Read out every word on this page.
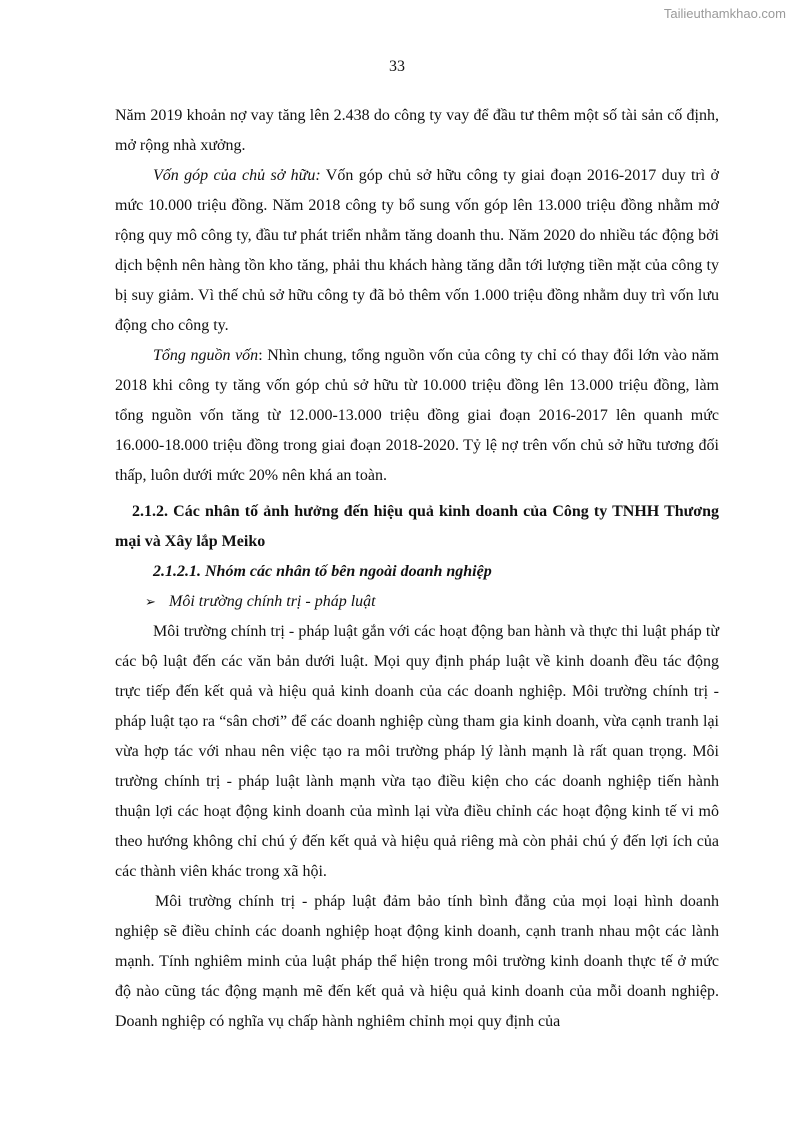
Tailieuthamkhao.com
33

Năm 2019 khoản nợ vay tăng lên 2.438 do công ty vay để đầu tư thêm một số tài sản cố định, mở rộng nhà xưởng.

Vốn góp của chủ sở hữu: Vốn góp chủ sở hữu công ty giai đoạn 2016-2017 duy trì ở mức 10.000 triệu đồng. Năm 2018 công ty bổ sung vốn góp lên 13.000 triệu đồng nhằm mở rộng quy mô công ty, đầu tư phát triển nhằm tăng doanh thu. Năm 2020 do nhiều tác động bởi dịch bệnh nên hàng tồn kho tăng, phải thu khách hàng tăng dẫn tới lượng tiền mặt của công ty bị suy giảm. Vì thế chủ sở hữu công ty đã bỏ thêm vốn 1.000 triệu đồng nhằm duy trì vốn lưu động cho công ty.

Tổng nguồn vốn: Nhìn chung, tổng nguồn vốn của công ty chỉ có thay đổi lớn vào năm 2018 khi công ty tăng vốn góp chủ sở hữu từ 10.000 triệu đồng lên 13.000 triệu đồng, làm tổng nguồn vốn tăng từ 12.000-13.000 triệu đồng giai đoạn 2016-2017 lên quanh mức 16.000-18.000 triệu đồng trong giai đoạn 2018-2020. Tỷ lệ nợ trên vốn chủ sở hữu tương đối thấp, luôn dưới mức 20% nên khá an toàn.

2.1.2. Các nhân tố ảnh hưởng đến hiệu quả kinh doanh của Công ty TNHH Thương mại và Xây lắp Meiko
2.1.2.1. Nhóm các nhân tố bên ngoài doanh nghiệp
➢ Môi trường chính trị - pháp luật

Môi trường chính trị - pháp luật gắn với các hoạt động ban hành và thực thi luật pháp từ các bộ luật đến các văn bản dưới luật. Mọi quy định pháp luật về kinh doanh đều tác động trực tiếp đến kết quả và hiệu quả kinh doanh của các doanh nghiệp. Môi trường chính trị - pháp luật tạo ra “sân chơi” để các doanh nghiệp cùng tham gia kinh doanh, vừa cạnh tranh lại vừa hợp tác với nhau nên việc tạo ra môi trường pháp lý lành mạnh là rất quan trọng. Môi trường chính trị - pháp luật lành mạnh vừa tạo điều kiện cho các doanh nghiệp tiến hành thuận lợi các hoạt động kinh doanh của mình lại vừa điều chỉnh các hoạt động kinh tế vi mô theo hướng không chỉ chú ý đến kết quả và hiệu quả riêng mà còn phải chú ý đến lợi ích của các thành viên khác trong xã hội.

Môi trường chính trị - pháp luật đảm bảo tính bình đẳng của mọi loại hình doanh nghiệp sẽ điều chỉnh các doanh nghiệp hoạt động kinh doanh, cạnh tranh nhau một các lành mạnh. Tính nghiêm minh của luật pháp thể hiện trong môi trường kinh doanh thực tế ở mức độ nào cũng tác động mạnh mẽ đến kết quả và hiệu quả kinh doanh của mỗi doanh nghiệp. Doanh nghiệp có nghĩa vụ chấp hành nghiêm chỉnh mọi quy định của
